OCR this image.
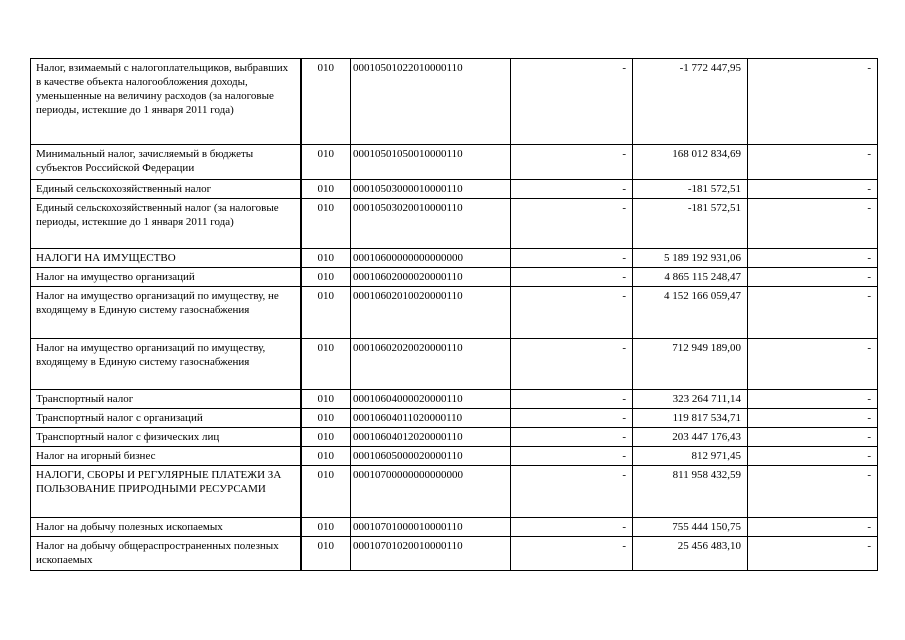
Налог, взимаемый с налогоплательщиков, выбравших в качестве объекта налогообложения доходы, уменьшенные на величину расходов (за налоговые периоды, истекшие до 1 января 2011 года)	010	00010501022010000110	-	-1 772 447,95	-
Минимальный налог, зачисляемый в бюджеты субъектов Российской Федерации	010	00010501050010000110	-	168 012 834,69	-
Единый сельскохозяйственный налог	010	00010503000010000110	-	-181 572,51	-
Единый сельскохозяйственный налог (за налоговые периоды, истекшие до 1 января 2011 года)	010	00010503020010000110	-	-181 572,51	-
НАЛОГИ НА ИМУЩЕСТВО	010	00010600000000000000	-	5 189 192 931,06	-
Налог на имущество организаций	010	00010602000020000110	-	4 865 115 248,47	-
Налог на имущество организаций по имуществу, не входящему в Единую систему газоснабжения	010	00010602010020000110	-	4 152 166 059,47	-
Налог на имущество организаций по имуществу, входящему в Единую систему газоснабжения	010	00010602020020000110	-	712 949 189,00	-
Транспортный налог	010	00010604000020000110	-	323 264 711,14	-
Транспортный налог с организаций	010	00010604011020000110	-	119 817 534,71	-
Транспортный налог с физических лиц	010	00010604012020000110	-	203 447 176,43	-
Налог на игорный бизнес	010	00010605000020000110	-	812 971,45	-
НАЛОГИ, СБОРЫ И РЕГУЛЯРНЫЕ ПЛАТЕЖИ ЗА ПОЛЬЗОВАНИЕ ПРИРОДНЫМИ РЕСУРСАМИ	010	00010700000000000000	-	811 958 432,59	-
Налог на добычу полезных ископаемых	010	00010701000010000110	-	755 444 150,75	-
Налог на добычу общераспространенных полезных ископаемых	010	00010701020010000110	-	25 456 483,10	-
